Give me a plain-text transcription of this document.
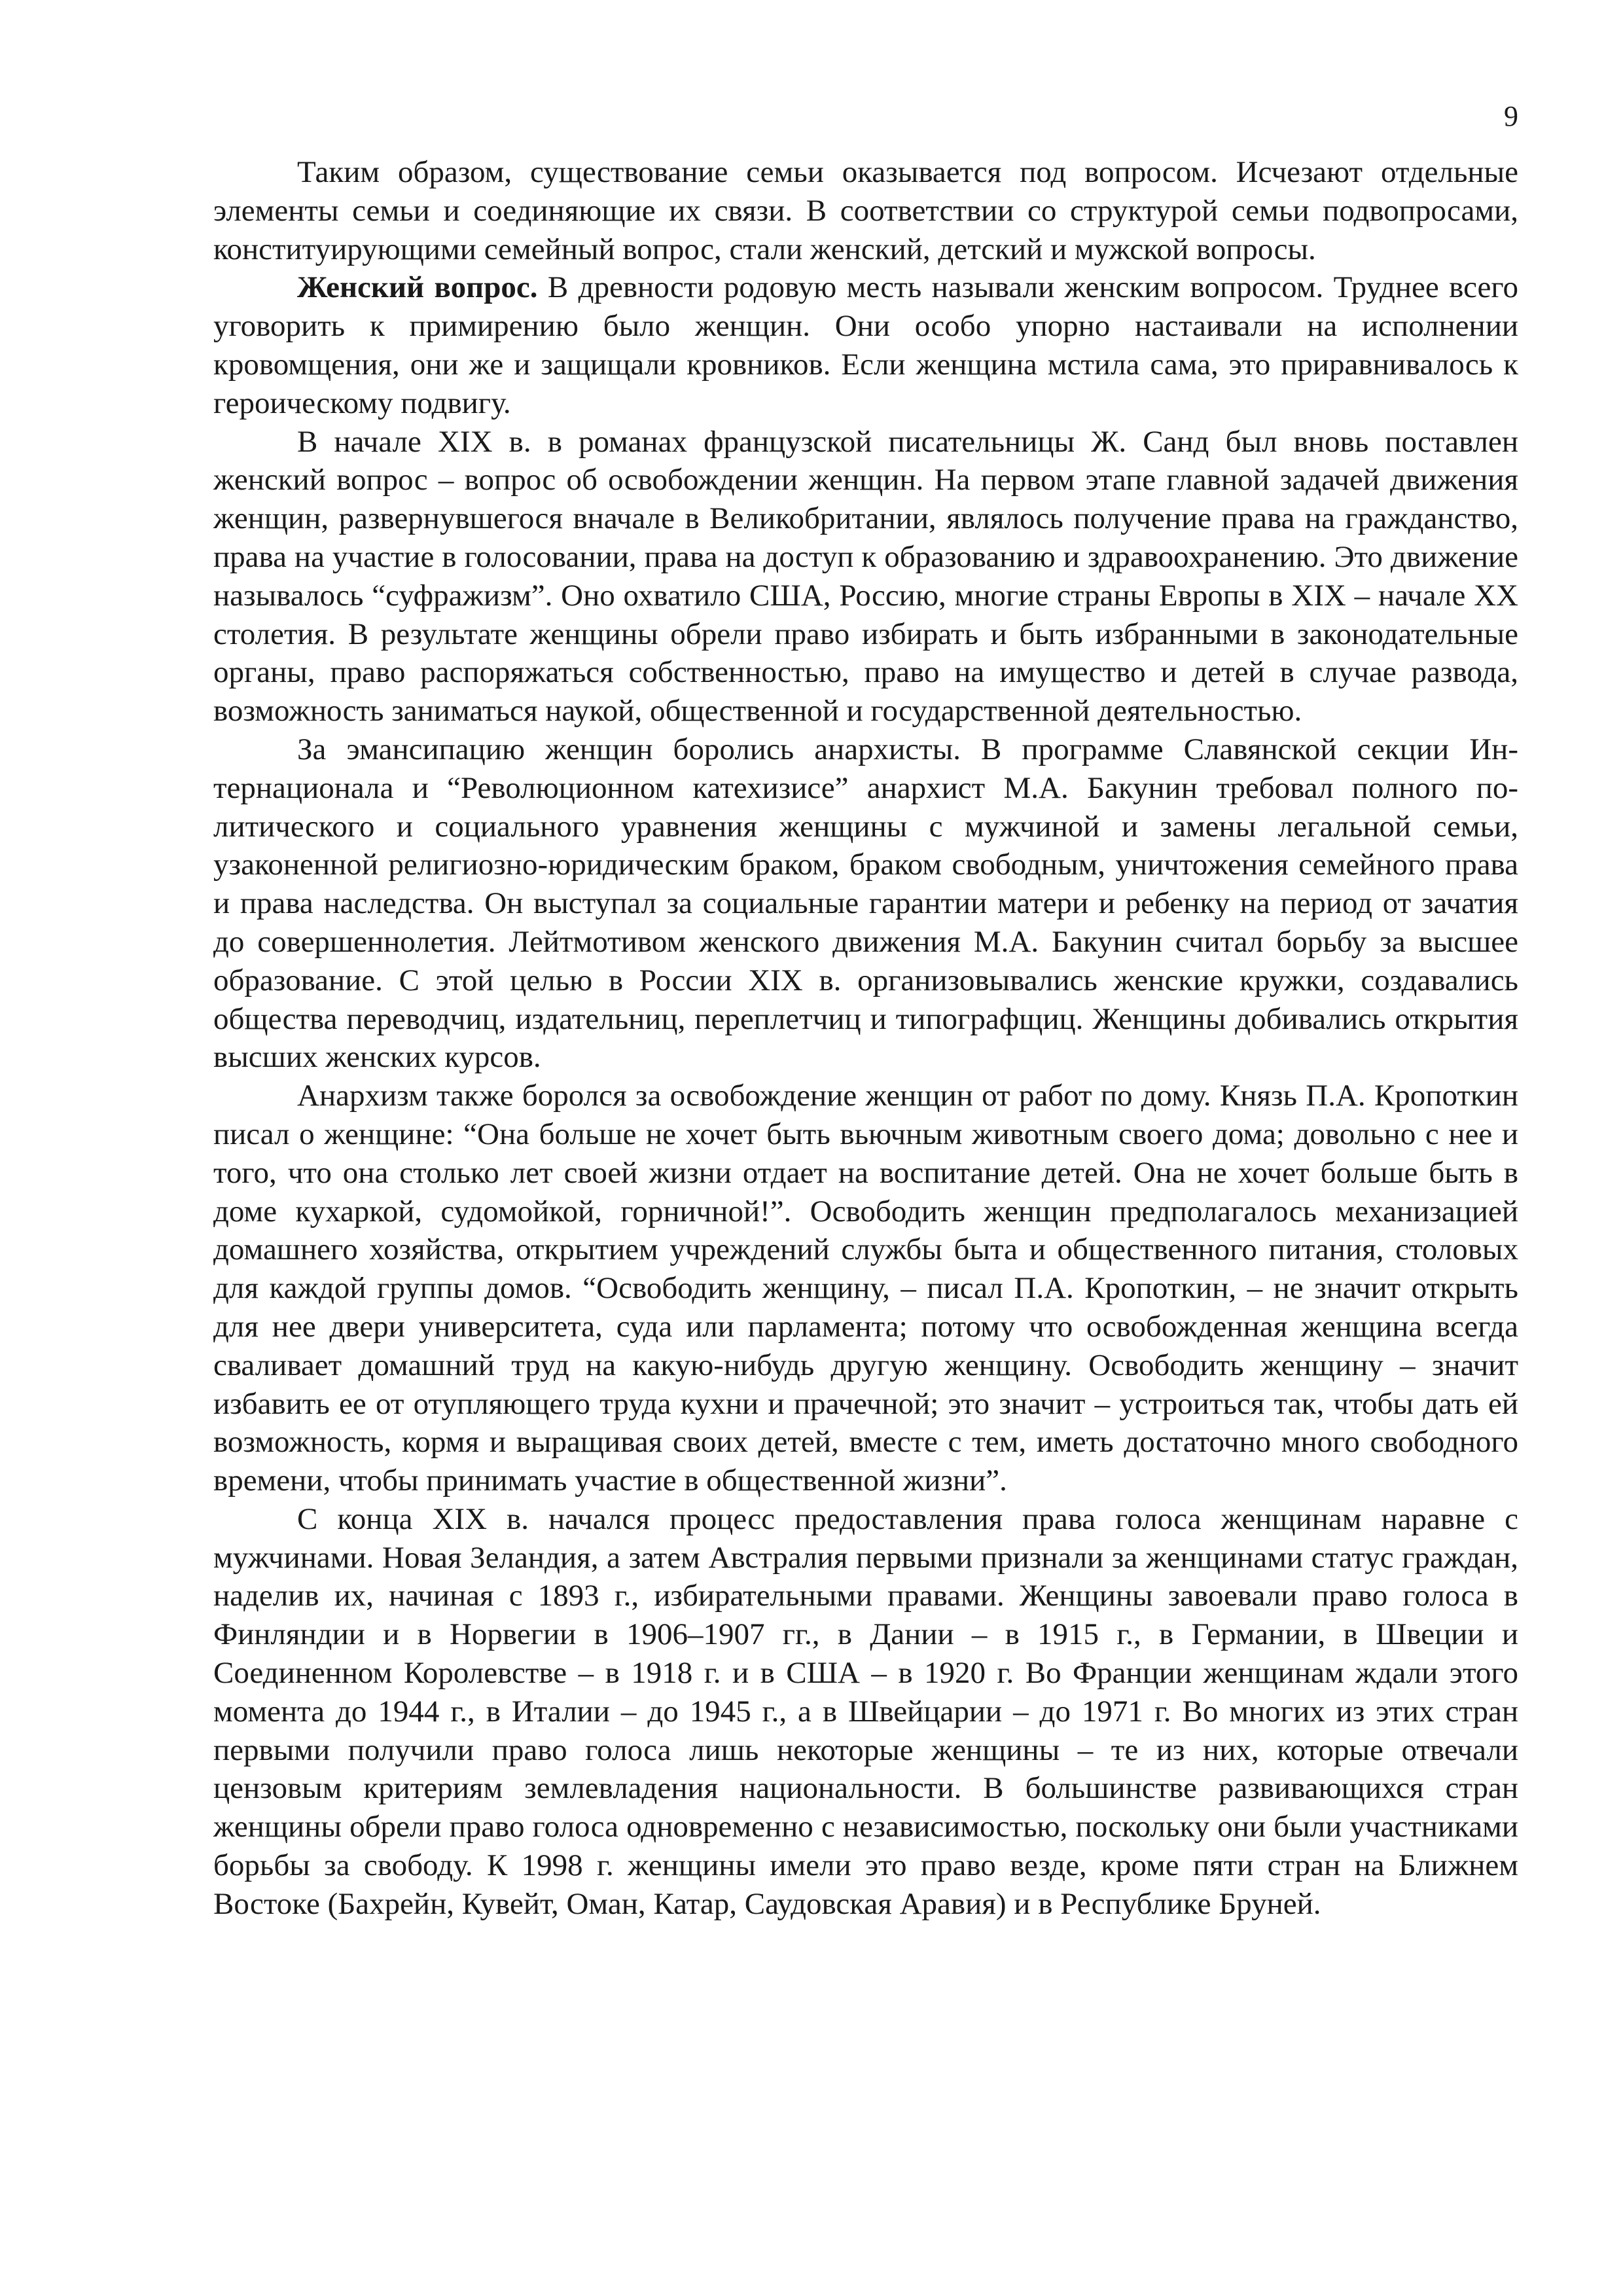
9

Таким образом, существование семьи оказывается под вопросом. Исчезают отдельные элементы семьи и соединяющие их связи. В соответствии со структурой семьи подвопросами, конституирующими семейный вопрос, стали женский, детский и мужской вопросы.

Женский вопрос. В древности родовую месть называли женским вопросом. Труднее всего уговорить к примирению было женщин. Они особо упорно настаивали на исполнении кровомщения, они же и защищали кровников. Если женщина мстила сама, это приравнивалось к героическому подвигу.

В начале XIX в. в романах французской писательницы Ж. Санд был вновь поставлен женский вопрос – вопрос об освобождении женщин. На первом этапе главной задачей движения женщин, развернувшегося вначале в Великобритании, являлось получение права на гражданство, права на участие в голосовании, права на доступ к образованию и здравоохранению. Это движение называлось “суфражизм”. Оно охватило США, Россию, многие страны Европы в XIX – начале XX столетия. В результате женщины обрели право избирать и быть избранными в законодательные органы, право распоряжаться собственностью, право на имущество и детей в случае развода, возможность заниматься наукой, общественной и государственной деятельностью.

За эмансипацию женщин боролись анархисты. В программе Славянской секции Интернационала и “Революционном катехизисе” анархист М.А. Бакунин требовал полного политического и социального уравнения женщины с мужчиной и замены легальной семьи, узаконенной религиозно-юридическим браком, браком свободным, уничтожения семейного права и права наследства. Он выступал за социальные гарантии матери и ребенку на период от зачатия до совершеннолетия. Лейтмотивом женского движения М.А. Бакунин считал борьбу за высшее образование. С этой целью в России XIX в. организовывались женские кружки, создавались общества переводчиц, издательниц, переплетчиц и типографщиц. Женщины добивались открытия высших женских курсов.

Анархизм также боролся за освобождение женщин от работ по дому. Князь П.А. Кропоткин писал о женщине: “Она больше не хочет быть вьючным животным своего дома; довольно с нее и того, что она столько лет своей жизни отдает на воспитание детей. Она не хочет больше быть в доме кухаркой, судомойкой, горничной!”. Освободить женщин предполагалось механизацией домашнего хозяйства, открытием учреждений службы быта и общественного питания, столовых для каждой группы домов. “Освободить женщину, – писал П.А. Кропоткин, – не значит открыть для нее двери университета, суда или парламента; потому что освобожденная женщина всегда сваливает домашний труд на какую-нибудь другую женщину. Освободить женщину – значит избавить ее от отупляющего труда кухни и прачечной; это значит – устроиться так, чтобы дать ей возможность, кормя и выращивая своих детей, вместе с тем, иметь достаточно много свободного времени, чтобы принимать участие в общественной жизни”.

С конца XIX в. начался процесс предоставления права голоса женщинам наравне с мужчинами. Новая Зеландия, а затем Австралия первыми признали за женщинами статус граждан, наделив их, начиная с 1893 г., избирательными правами. Женщины завоевали право голоса в Финляндии и в Норвегии в 1906–1907 гг., в Дании – в 1915 г., в Германии, в Швеции и Соединенном Королевстве – в 1918 г. и в США – в 1920 г. Во Франции женщинам ждали этого момента до 1944 г., в Италии – до 1945 г., а в Швейцарии – до 1971 г. Во многих из этих стран первыми получили право голоса лишь некоторые женщины – те из них, которые отвечали цензовым критериям землевладения национальности. В большинстве развивающихся стран женщины обрели право голоса одновременно с независимостью, поскольку они были участниками борьбы за свободу. К 1998 г. женщины имели это право везде, кроме пяти стран на Ближнем Востоке (Бахрейн, Кувейт, Оман, Катар, Саудовская Аравия) и в Республике Бруней.
